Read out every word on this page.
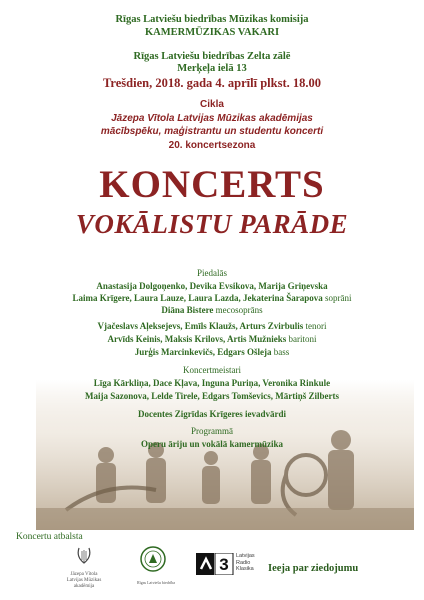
Rīgas Latviešu biedrības Mūzikas komisija
KAMERMŪZIKAS VAKARI
Rīgas Latviešu biedrības Zelta zālē
Merķeļa ielā 13
Trešdien, 2018. gada 4. aprīlī plkst. 18.00
Cikla
Jāzepa Vītola Latvijas Mūzikas akadēmijas
mācībspēku, maģistrantu un studentu koncerti
20. koncertsezona
KONCERTS
VOKĀLISTU PARĀDE
Piedalās
Anastasija Dolgoņenko, Devika Evsikova, Marija Griņevska
Laima Krīgere, Laura Lauze, Laura Lazda, Jekaterina Šarapova soprāni
Diāna Bistere mecosoprāns
Vjačeslavs Aļeksejevs, Emīls Klaužs, Arturs Zvirbulis tenori
Arvīds Keinis, Maksis Krilovs, Artis Mužnieks baritoni
Jurģis Marcinkevičs, Edgars Ošleja bass
Koncertmeistari
Līga Kārkliņa, Dace Kļava, Inguna Puriņa, Veronika Rinkule
Maija Sazonova, Lelde Tirele, Edgars Tomševics, Mārtiņš Zilberts
Docentes Zigrīdas Krīgeres ievadvārdi
Programmā
Operu āriju un vokālā kamermūzika
Koncertu atbalsta
Jāzepa Vītola
Latvijas Mūzikas akadēmija
Rīgas Latviešu biedrība
3 Latvijas
Radio
Klasika Ieeja par ziedojumu
